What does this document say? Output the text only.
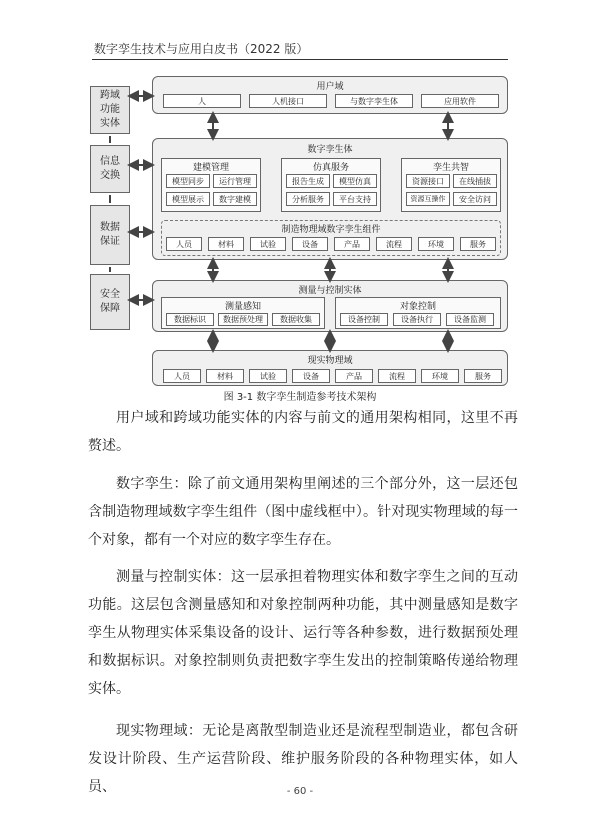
数字孪生技术与应用白皮书（2022 版）
跨域
功能
实体
信息
交换
数据
保证
安全
保障
用户域
人	人机接口	与数字孪生体	应用软件
数字孪生体
建模管理
模型同步	运行管理
模型展示	数字建模
仿真服务
报告生成	模型仿真
分析服务	平台支持
孪生共智
资源接口	在线插拔
资源互操作	安全访问
制造物理域数字孪生组件
人员	材料	试验	设备	产品	流程	环境	服务
测量与控制实体
测量感知
数据标识	数据预处理	数据收集
对象控制
设备控制	设备执行	设备监测
现实物理域
人员	材料	试验	设备	产品	流程	环境	服务
图 3-1 数字孪生制造参考技术架构

用户域和跨域功能实体的内容与前文的通用架构相同，这里不再赘述。

数字孪生：除了前文通用架构里阐述的三个部分外，这一层还包含制造物理域数字孪生组件（图中虚线框中）。针对现实物理域的每一个对象，都有一个对应的数字孪生存在。

测量与控制实体：这一层承担着物理实体和数字孪生之间的互动功能。这层包含测量感知和对象控制两种功能，其中测量感知是数字孪生从物理实体采集设备的设计、运行等各种参数，进行数据预处理和数据标识。对象控制则负责把数字孪生发出的控制策略传递给物理实体。

现实物理域：无论是离散型制造业还是流程型制造业，都包含研发设计阶段、生产运营阶段、维护服务阶段的各种物理实体，如人员、	- 60 -
